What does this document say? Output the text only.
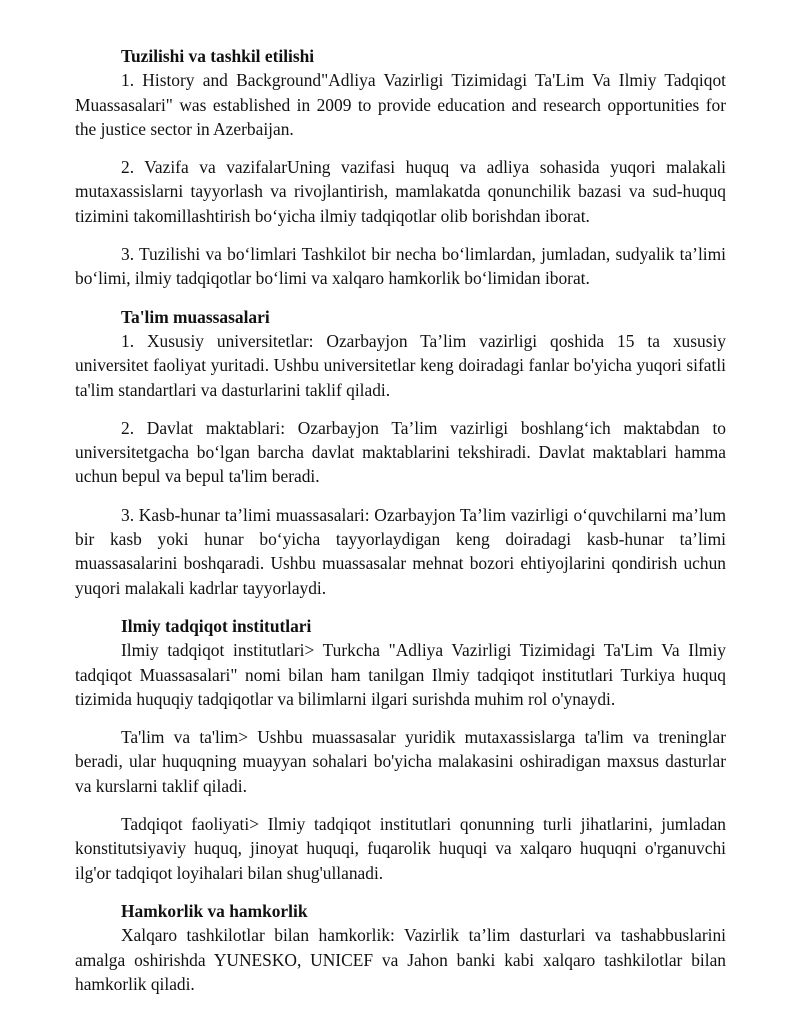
Tuzilishi va tashkil etilishi

1. History and Background"Adliya Vazirligi Tizimidagi Ta'Lim Va Ilmiy Tadqiqot Muassasalari" was established in 2009 to provide education and research opportunities for the justice sector in Azerbaijan.

2. Vazifa va vazifalarUning vazifasi huquq va adliya sohasida yuqori malakali mutaxassislarni tayyorlash va rivojlantirish, mamlakatda qonunchilik bazasi va sud-huquq tizimini takomillashtirish bo‘yicha ilmiy tadqiqotlar olib borishdan iborat.

3. Tuzilishi va bo‘limlari Tashkilot bir necha bo‘limlardan, jumladan, sudyalik ta’limi bo‘limi, ilmiy tadqiqotlar bo‘limi va xalqaro hamkorlik bo‘limidan iborat.

Ta'lim muassasalari

1. Xususiy universitetlar: Ozarbayjon Ta’lim vazirligi qoshida 15 ta xususiy universitet faoliyat yuritadi. Ushbu universitetlar keng doiradagi fanlar bo'yicha yuqori sifatli ta'lim standartlari va dasturlarini taklif qiladi.

2. Davlat maktablari: Ozarbayjon Ta’lim vazirligi boshlang‘ich maktabdan to universitetgacha bo‘lgan barcha davlat maktablarini tekshiradi. Davlat maktablari hamma uchun bepul va bepul ta'lim beradi.

3. Kasb-hunar ta’limi muassasalari: Ozarbayjon Ta’lim vazirligi o‘quvchilarni ma’lum bir kasb yoki hunar bo‘yicha tayyorlaydigan keng doiradagi kasb-hunar ta’limi muassasalarini boshqaradi. Ushbu muassasalar mehnat bozori ehtiyojlarini qondirish uchun yuqori malakali kadrlar tayyorlaydi.

Ilmiy tadqiqot institutlari

Ilmiy tadqiqot institutlari> Turkcha "Adliya Vazirligi Tizimidagi Ta'Lim Va Ilmiy tadqiqot Muassasalari" nomi bilan ham tanilgan Ilmiy tadqiqot institutlari Turkiya huquq tizimida huquqiy tadqiqotlar va bilimlarni ilgari surishda muhim rol o'ynaydi.

Ta'lim va ta'lim> Ushbu muassasalar yuridik mutaxassislarga ta'lim va treninglar beradi, ular huquqning muayyan sohalari bo'yicha malakasini oshiradigan maxsus dasturlar va kurslarni taklif qiladi.

Tadqiqot faoliyati> Ilmiy tadqiqot institutlari qonunning turli jihatlarini, jumladan konstitutsiyaviy huquq, jinoyat huquqi, fuqarolik huquqi va xalqaro huquqni o'rganuvchi ilg'or tadqiqot loyihalari bilan shug'ullanadi.

Hamkorlik va hamkorlik

Xalqaro tashkilotlar bilan hamkorlik: Vazirlik ta’lim dasturlari va tashabbuslarini amalga oshirishda YUNESKO, UNICEF va Jahon banki kabi xalqaro tashkilotlar bilan hamkorlik qiladi.
